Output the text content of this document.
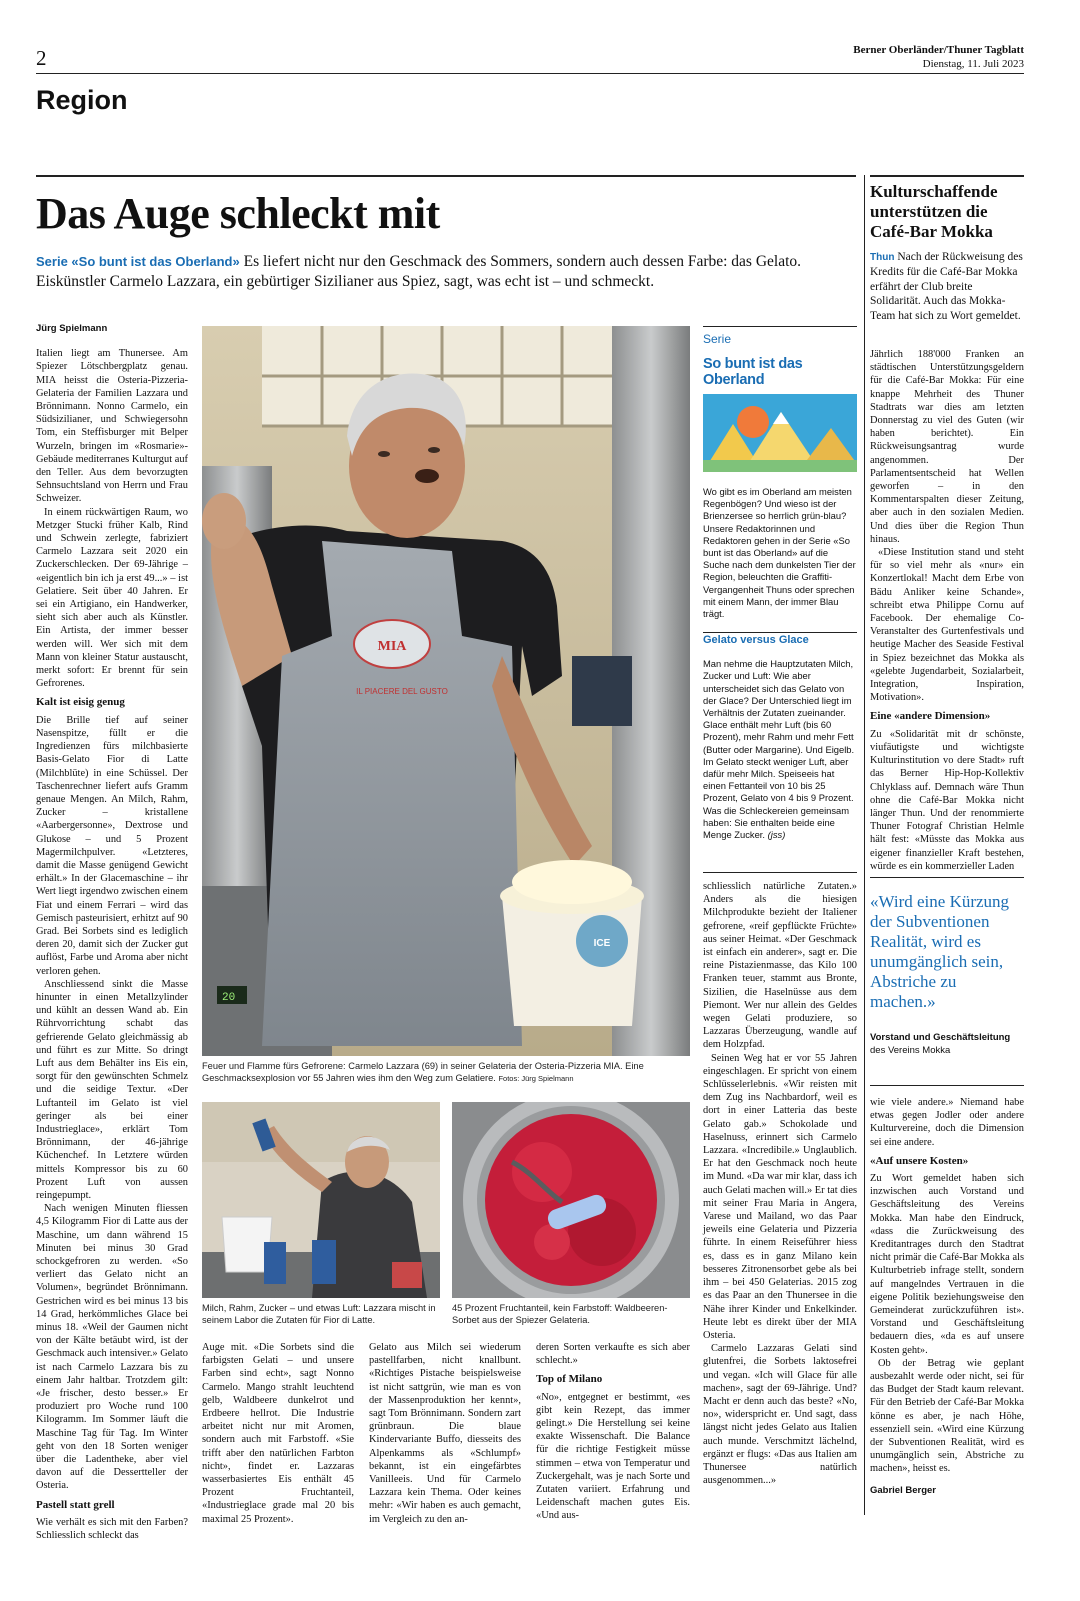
2	Berner Oberländer/Thuner Tagblatt
Dienstag, 11. Juli 2023
Region
Das Auge schleckt mit
Serie «So bunt ist das Oberland» Es liefert nicht nur den Geschmack des Sommers, sondern auch dessen Farbe: das Gelato. Eiskünstler Carmelo Lazzara, ein gebürtiger Sizilianer aus Spiez, sagt, was echt ist – und schmeckt.
Jürg Spielmann

Italien liegt am Thunersee. Am Spiezer Lötschbergplatz genau. MIA heisst die Osteria-Pizzeria-Gelateria der Familien Lazzara und Brönnimann. Nonno Carmelo, ein Südsizilianer, und Schwiegersohn Tom, ein Steffisburger mit Belper Wurzeln, bringen im «Rosmarie»-Gebäude mediterranes Kulturgut auf den Teller. Aus dem bevorzugten Sehnsuchtsland von Herrn und Frau Schweizer.

In einem rückwärtigen Raum, wo Metzger Stucki früher Kalb, Rind und Schwein zerlegte, fabriziert Carmelo Lazzara seit 2020 ein Zuckerschlecken. Der 69-Jährige – «eigentlich bin ich ja erst 49...» – ist Gelatiere. Seit über 40 Jahren. Er sei ein Artigiano, ein Handwerker, sieht sich aber auch als Künstler. Ein Artista, der immer besser werden will. Wer sich mit dem Mann von kleiner Statur austauscht, merkt sofort: Er brennt für sein Gefrorenes.

Kalt ist eisig genug

Die Brille tief auf seiner Nasenspitze, füllt er die Ingredienzen fürs milchbasierte Basis-Gelato Fior di Latte (Milchblüte) in eine Schüssel. Der Taschenrechner liefert aufs Gramm genaue Mengen. An Milch, Rahm, Zucker – kristallene «Aarbergersonne», Dextrose und Glukose – und 5 Prozent Magermilchpulver. «Letzteres, damit die Masse genügend Gewicht erhält.» In der Glacemaschine – ihr Wert liegt irgendwo zwischen einem Fiat und einem Ferrari – wird das Gemisch pasteurisiert, erhitzt auf 90 Grad. Bei Sorbets sind es lediglich deren 20, damit sich der Zucker gut auflöst, Farbe und Aroma aber nicht verloren gehen.

Anschliessend sinkt die Masse hinunter in einen Metallzylinder und kühlt an dessen Wand ab. Ein Rührvorrichtung schabt das gefrierende Gelato gleichmässig ab und führt es zur Mitte. So dringt Luft aus dem Behälter ins Eis ein, sorgt für den gewünschten Schmelz und die seidige Textur. «Der Luftanteil im Gelato ist viel geringer als bei einer Industrieglace», erklärt Tom Brönnimann, der 46-jährige Küchenchef. In Letztere würden mittels Kompressor bis zu 60 Prozent Luft von aussen reingepumpt.

Nach wenigen Minuten fliessen 4,5 Kilogramm Fior di Latte aus der Maschine, um dann während 15 Minuten bei minus 30 Grad schockgefroren zu werden. «So verliert das Gelato nicht an Volumen», begründet Brönnimann. Gestrichen wird es bei minus 13 bis 14 Grad, herkömmliches Glace bei minus 18. «Weil der Gaumen nicht von der Kälte betäubt wird, ist der Geschmack auch intensiver.» Gelato ist nach Carmelo Lazzara bis zu einem Jahr haltbar. Trotzdem gilt: «Je frischer, desto besser.» Er produziert pro Woche rund 100 Kilogramm. Im Sommer läuft die Maschine Tag für Tag. Im Winter geht von den 18 Sorten weniger über die Ladentheke, aber viel davon auf die Dessertteller der Osteria.

Pastell statt grell

Wie verhält es sich mit den Farben? Schliesslich schleckt das

20
MIA
IL PIACERE DEL GUSTO
ICE
Feuer und Flamme fürs Gefrorene: Carmelo Lazzara (69) in seiner Gelateria der Osteria-Pizzeria MIA. Eine Geschmacksexplosion vor 55 Jahren wies ihm den Weg zum Gelatiere. Fotos: Jürg Spielmann
Milch, Rahm, Zucker – und etwas Luft: Lazzara mischt in seinem Labor die Zutaten für Fior di Latte.
45 Prozent Fruchtanteil, kein Farbstoff: Waldbeeren-Sorbet aus der Spiezer Gelateria.

Auge mit. «Die Sorbets sind die farbigsten Gelati – und unsere Farben sind echt», sagt Nonno Carmelo. Mango strahlt leuchtend gelb, Waldbeere dunkelrot und Erdbeere hellrot. Die Industrie arbeitet nicht nur mit Aromen, sondern auch mit Farbstoff. «Sie trifft aber den natürlichen Farbton nicht», findet er. Lazzaras wasserbasiertes Eis enthält 45 Prozent Fruchtanteil, «Industrieglace grade mal 20 bis maximal 25 Prozent».

Gelato aus Milch sei wiederum pastellfarben, nicht knallbunt. «Richtiges Pistache beispielsweise ist nicht sattgrün, wie man es von der Massenproduktion her kennt», sagt Tom Brönnimann. Sondern zart grünbraun. Die blaue Kindervariante Buffo, diesseits des Alpenkamms als «Schlumpf» bekannt, ist ein eingefärbtes Vanilleeis. Und für Carmelo Lazzara kein Thema. Oder keines mehr: «Wir haben es auch gemacht, im Vergleich zu den an-

deren Sorten verkaufte es sich aber schlecht.»

Top of Milano

«No», entgegnet er bestimmt, «es gibt kein Rezept, das immer gelingt.» Die Herstellung sei keine exakte Wissenschaft. Die Balance für die richtige Festigkeit müsse stimmen – etwa von Temperatur und Zuckergehalt, was je nach Sorte und Zutaten variiert. Erfahrung und Leidenschaft machen gutes Eis. «Und aus-

Serie
So bunt ist das Oberland
Wo gibt es im Oberland am meisten Regenbögen? Und wieso ist der Brienzersee so herrlich grün-blau? Unsere Redaktorinnen und Redaktoren gehen in der Serie «So bunt ist das Oberland» auf die Suche nach dem dunkelsten Tier der Region, beleuchten die Graffiti-Vergangenheit Thuns oder sprechen mit einem Mann, der immer Blau trägt.
Gelato versus Glace
Man nehme die Hauptzutaten Milch, Zucker und Luft: Wie aber unterscheidet sich das Gelato von der Glace? Der Unterschied liegt im Verhältnis der Zutaten zueinander. Glace enthält mehr Luft (bis 60 Prozent), mehr Rahm und mehr Fett (Butter oder Margarine). Und Eigelb. Im Gelato steckt weniger Luft, aber dafür mehr Milch. Speiseeis hat einen Fettanteil von 10 bis 25 Prozent, Gelato von 4 bis 9 Prozent. Was die Schleckereien gemeinsam haben: Sie enthalten beide eine Menge Zucker. (jss)

schliesslich natürliche Zutaten.» Anders als die hiesigen Milchprodukte bezieht der Italiener gefrorene, «reif gepflückte Früchte» aus seiner Heimat. «Der Geschmack ist einfach ein anderer», sagt er. Die reine Pistazienmasse, das Kilo 100 Franken teuer, stammt aus Bronte, Sizilien, die Haselnüsse aus dem Piemont. Wer nur allein des Geldes wegen Gelati produziere, so Lazzaras Überzeugung, wandle auf dem Holzpfad.

Seinen Weg hat er vor 55 Jahren eingeschlagen. Er spricht von einem Schlüsselerlebnis. «Wir reisten mit dem Zug ins Nachbardorf, weil es dort in einer Latteria das beste Gelato gab.» Schokolade und Haselnuss, erinnert sich Carmelo Lazzara. «Incredibile.» Unglaublich. Er hat den Geschmack noch heute im Mund. «Da war mir klar, dass ich auch Gelati machen will.» Er tat dies mit seiner Frau Maria in Angera, Varese und Mailand, wo das Paar jeweils eine Gelateria und Pizzeria führte. In einem Reiseführer hiess es, dass es in ganz Milano kein besseres Zitronensorbet gebe als bei ihm – bei 450 Gelaterias. 2015 zog es das Paar an den Thunersee in die Nähe ihrer Kinder und Enkelkinder. Heute lebt es direkt über der MIA Osteria.

Carmelo Lazzaras Gelati sind glutenfrei, die Sorbets laktosefrei und vegan. «Ich will Glace für alle machen», sagt der 69-Jährige. Und? Macht er denn auch das beste? «No, no», widerspricht er. Und sagt, dass längst nicht jedes Gelato aus Italien auch munde. Verschmitzt lächelnd, ergänzt er flugs: «Das aus Italien am Thunersee natürlich ausgenommen...»

Kulturschaffende unterstützen die Café-Bar Mokka
Thun Nach der Rückweisung des Kredits für die Café-Bar Mokka erfährt der Club breite Solidarität. Auch das Mokka-Team hat sich zu Wort gemeldet.

Jährlich 188'000 Franken an städtischen Unterstützungsgeldern für die Café-Bar Mokka: Für eine knappe Mehrheit des Thuner Stadtrats war dies am letzten Donnerstag zu viel des Guten (wir haben berichtet). Ein Rückweisungsantrag wurde angenommen. Der Parlamentsentscheid hat Wellen geworfen – in den Kommentarspalten dieser Zeitung, aber auch in den sozialen Medien. Und dies über die Region Thun hinaus.

«Diese Institution stand und steht für so viel mehr als «nur» ein Konzertlokal! Macht dem Erbe von Bädu Anliker keine Schande», schreibt etwa Philippe Cornu auf Facebook. Der ehemalige Co-Veranstalter des Gurtenfestivals und heutige Macher des Seaside Festival in Spiez bezeichnet das Mokka als «gelebte Jugendarbeit, Sozialarbeit, Integration, Inspiration, Motivation».

Eine «andere Dimension»

Zu «Solidarität mit dr schönste, viufäutigste und wichtigste Kulturinstitution vo dere Stadt» ruft das Berner Hip-Hop-Kollektiv Chlyklass auf. Demnach wäre Thun ohne die Café-Bar Mokka nicht länger Thun. Und der renommierte Thuner Fotograf Christian Helmle hält fest: «Müsste das Mokka aus eigener finanzieller Kraft bestehen, würde es ein kommerzieller Laden

«Wird eine Kürzung der Subventionen Realität, wird es unumgänglich sein, Abstriche zu machen.»
Vorstand und Geschäftsleitung
des Vereins Mokka

wie viele andere.» Niemand habe etwas gegen Jodler oder andere Kulturvereine, doch die Dimension sei eine andere.

«Auf unsere Kosten»

Zu Wort gemeldet haben sich inzwischen auch Vorstand und Geschäftsleitung des Vereins Mokka. Man habe den Eindruck, «dass die Zurückweisung des Kreditantrages durch den Stadtrat nicht primär die Café-Bar Mokka als Kulturbetrieb infrage stellt, sondern auf mangelndes Vertrauen in die eigene Politik beziehungsweise den Gemeinderat zurückzuführen ist». Vorstand und Geschäftsleitung bedauern dies, «da es auf unsere Kosten geht».

Ob der Betrag wie geplant ausbezahlt werde oder nicht, sei für das Budget der Stadt kaum relevant. Für den Betrieb der Café-Bar Mokka könne es aber, je nach Höhe, essenziell sein. «Wird eine Kürzung der Subventionen Realität, wird es unumgänglich sein, Abstriche zu machen», heisst es.

Gabriel Berger
